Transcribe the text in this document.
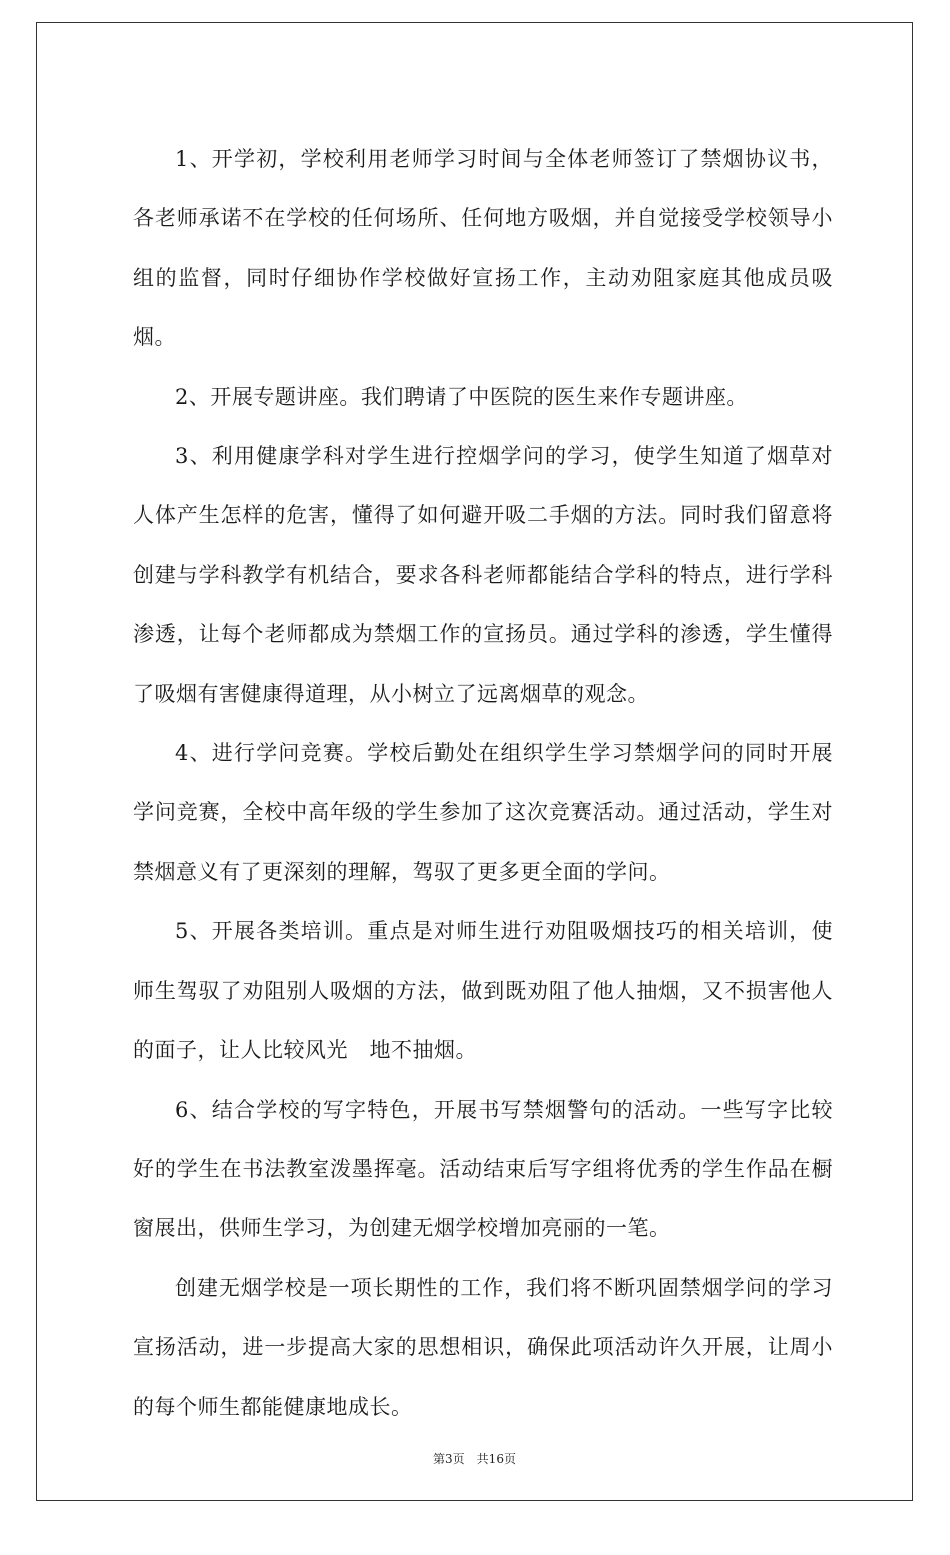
1、开学初，学校利用老师学习时间与全体老师签订了禁烟协议书，各老师承诺不在学校的任何场所、任何地方吸烟，并自觉接受学校领导小组的监督，同时仔细协作学校做好宣扬工作，主动劝阻家庭其他成员吸烟。

2、开展专题讲座。我们聘请了中医院的医生来作专题讲座。

3、利用健康学科对学生进行控烟学问的学习，使学生知道了烟草对人体产生怎样的危害，懂得了如何避开吸二手烟的方法。同时我们留意将创建与学科教学有机结合，要求各科老师都能结合学科的特点，进行学科渗透，让每个老师都成为禁烟工作的宣扬员。通过学科的渗透，学生懂得了吸烟有害健康得道理，从小树立了远离烟草的观念。

4、进行学问竞赛。学校后勤处在组织学生学习禁烟学问的同时开展学问竞赛，全校中高年级的学生参加了这次竞赛活动。通过活动，学生对禁烟意义有了更深刻的理解，驾驭了更多更全面的学问。

5、开展各类培训。重点是对师生进行劝阻吸烟技巧的相关培训，使师生驾驭了劝阻别人吸烟的方法，做到既劝阻了他人抽烟，又不损害他人的面子，让人比较风光　地不抽烟。

6、结合学校的写字特色，开展书写禁烟警句的活动。一些写字比较好的学生在书法教室泼墨挥毫。活动结束后写字组将优秀的学生作品在橱窗展出，供师生学习，为创建无烟学校增加亮丽的一笔。

创建无烟学校是一项长期性的工作，我们将不断巩固禁烟学问的学习宣扬活动，进一步提高大家的思想相识，确保此项活动许久开展，让周小的每个师生都能健康地成长。

第3页　共16页
